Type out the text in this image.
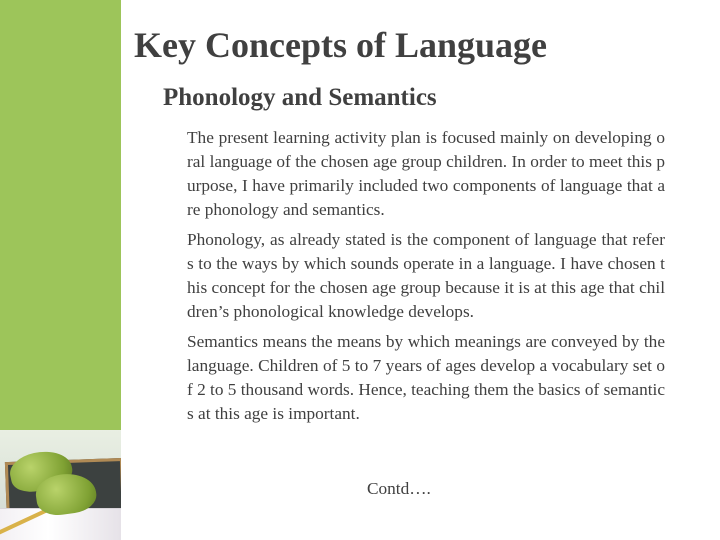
Key Concepts of Language
Phonology and Semantics

The present learning activity plan is focused mainly on developing oral language of the chosen age group children. In order to meet this purpose, I have primarily included two components of language that are phonology and semantics.

Phonology, as already stated is the component of language that refers to the ways by which sounds operate in a language. I have chosen this concept for the chosen age group because it is at this age that children’s phonological knowledge develops.

Semantics means the means by which meanings are conveyed by the language. Children of 5 to 7 years of ages develop a vocabulary set of 2 to 5 thousand words. Hence, teaching them the basics of semantics at this age is important.

Contd….
